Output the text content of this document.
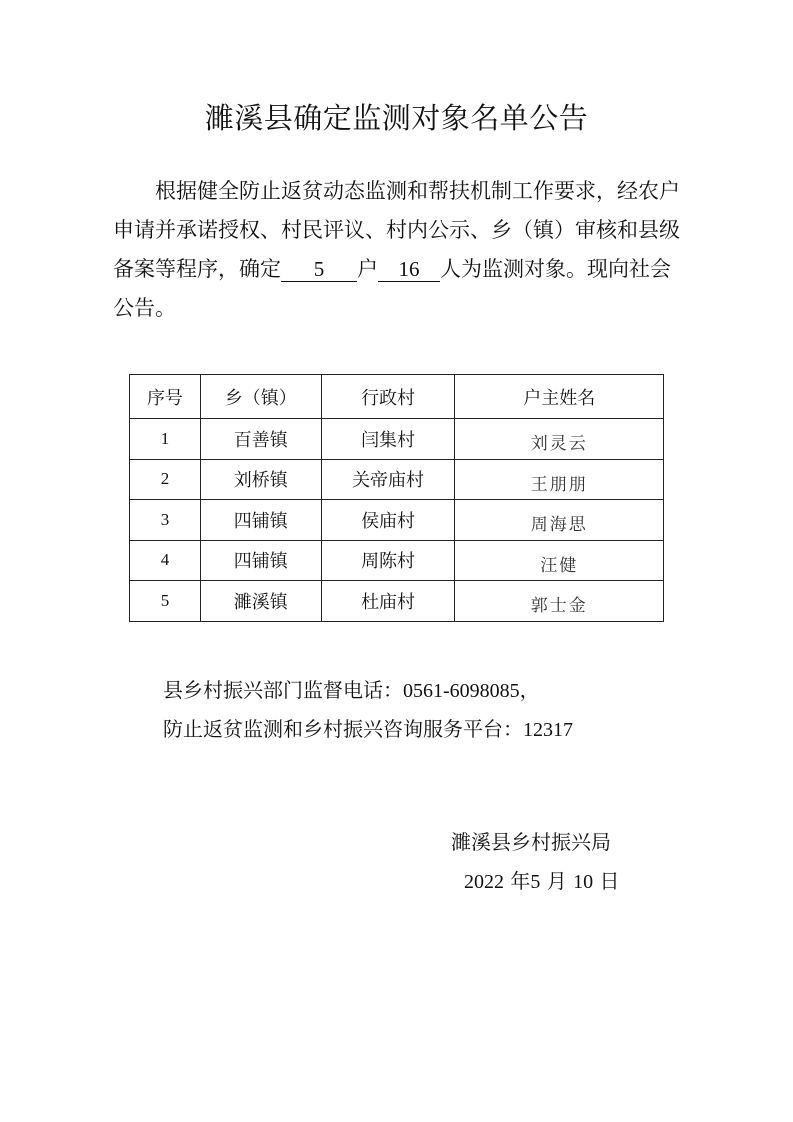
濉溪县确定监测对象名单公告
根据健全防止返贫动态监测和帮扶机制工作要求，经农户申请并承诺授权、村民评议、村内公示、乡（镇）审核和县级备案等程序，确定 5 户 16 人为监测对象。现向社会公告。
序号	乡（镇）	行政村	户主姓名
1	百善镇	闫集村	刘灵云
2	刘桥镇	关帝庙村	王朋朋
3	四铺镇	侯庙村	周海思
4	四铺镇	周陈村	汪健
5	濉溪镇	杜庙村	郭士金
县乡村振兴部门监督电话：0561-6098085，
防止返贫监测和乡村振兴咨询服务平台：12317
濉溪县乡村振兴局
2022 年5 月 10 日
